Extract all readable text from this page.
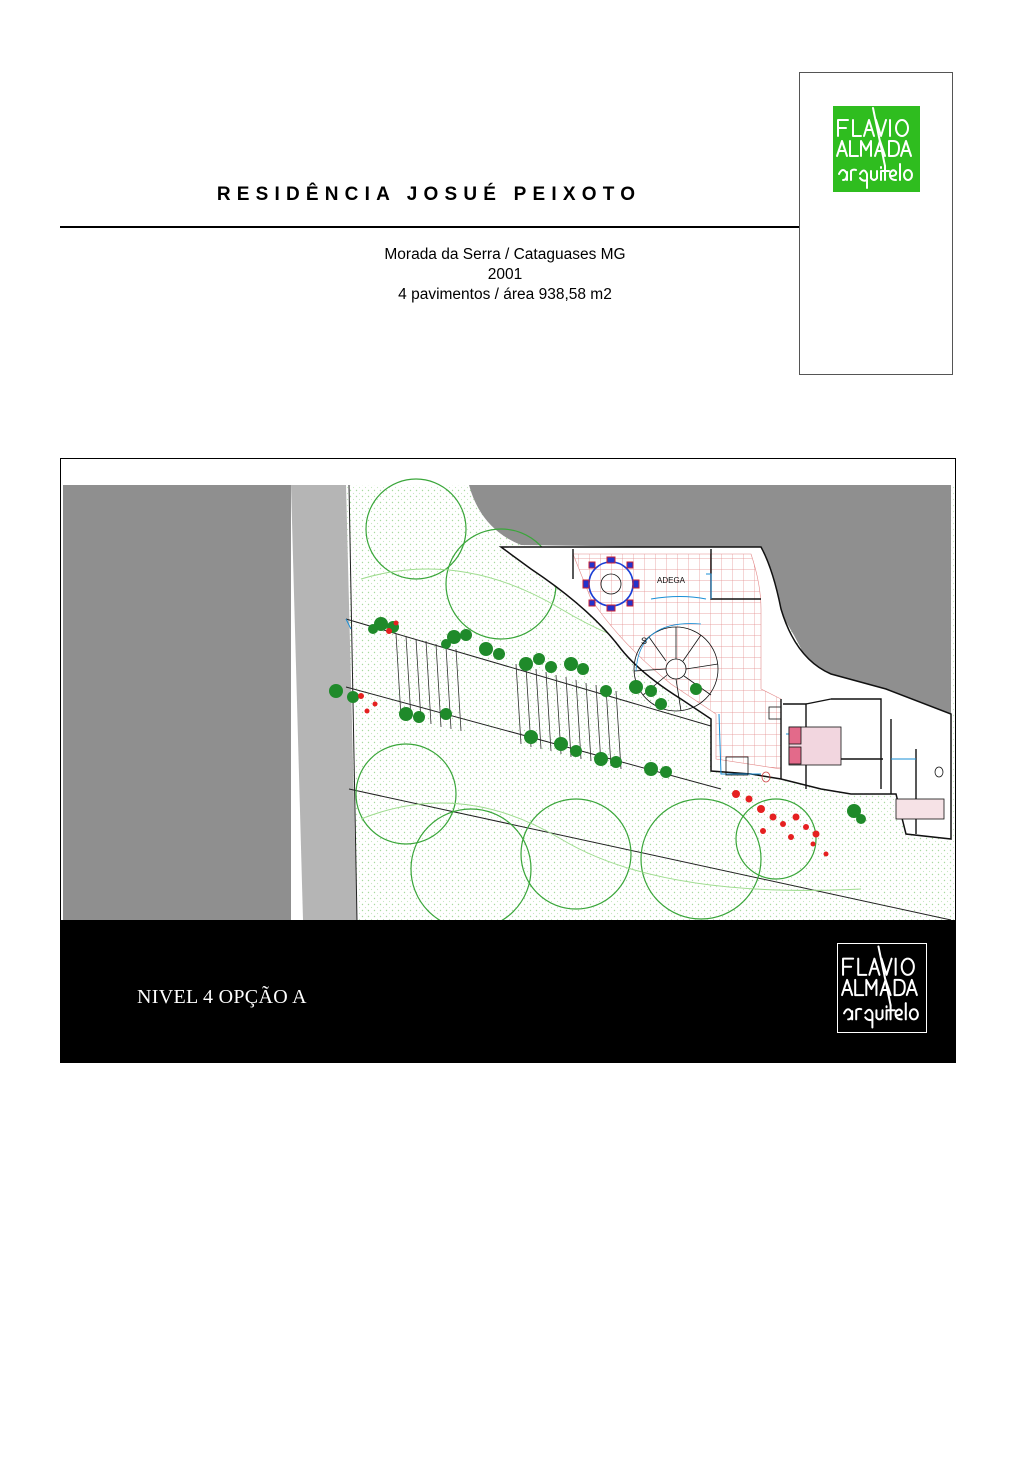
RESIDÊNCIA JOSUÉ PEIXOTO
Morada da Serra / Cataguases MG
2001
4 pavimentos / área 938,58 m2
ADEGA
S
NIVEL 4 OPÇÃO A
